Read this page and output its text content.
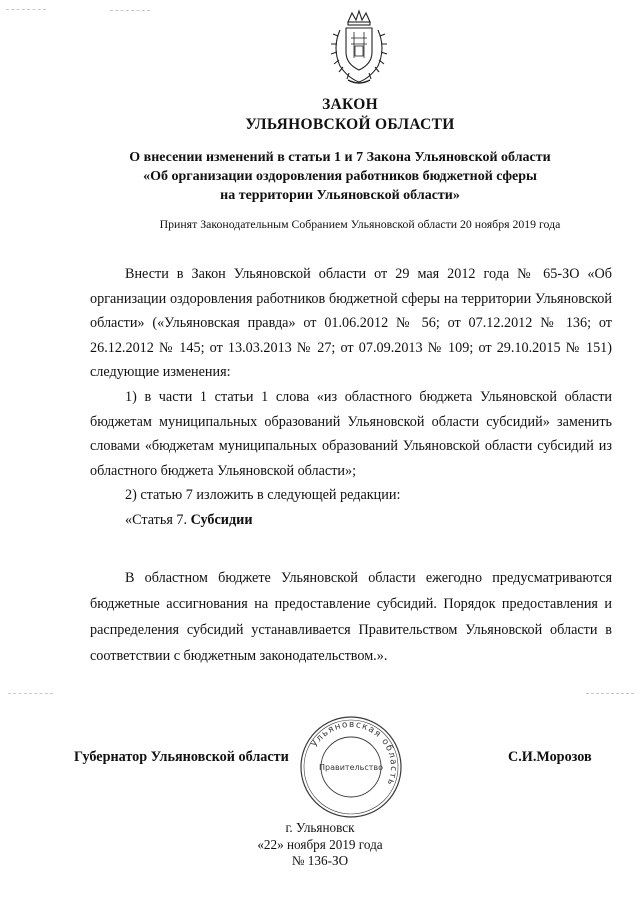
ЗАКОН

УЛЬЯНОВСКОЙ ОБЛАСТИ

О внесении изменений в статьи 1 и 7 Закона Ульяновской области
«Об организации оздоровления работников бюджетной сферы
на территории Ульяновской области»

Принят Законодательным Собранием Ульяновской области 20 ноября 2019 года

Внести в Закон Ульяновской области от 29 мая 2012 года № 65-ЗО «Об организации оздоровления работников бюджетной сферы на территории Ульяновской области» («Ульяновская правда» от 01.06.2012 № 56; от 07.12.2012 № 136; от 26.12.2012 № 145; от 13.03.2013 № 27; от 07.09.2013 № 109; от 29.10.2015 № 151) следующие изменения:

1) в части 1 статьи 1 слова «из областного бюджета Ульяновской области бюджетам муниципальных образований Ульяновской области субсидий» заменить словами «бюджетам муниципальных образований Ульяновской области субсидий из областного бюджета Ульяновской области»;

2) статью 7 изложить в следующей редакции:

«Статья 7. Субсидии

В областном бюджете Ульяновской области ежегодно предусматриваются бюджетные ассигнования на предоставление субсидий. Порядок предоставления и распределения субсидий устанавливается Правительством Ульяновской области в соответствии с бюджетным законодательством.».

Губернатор Ульяновской области	С.И.Морозов

Ульяновская область
Правительство
г. Ульяновск
«22» ноября 2019 года
№ 136-ЗО
